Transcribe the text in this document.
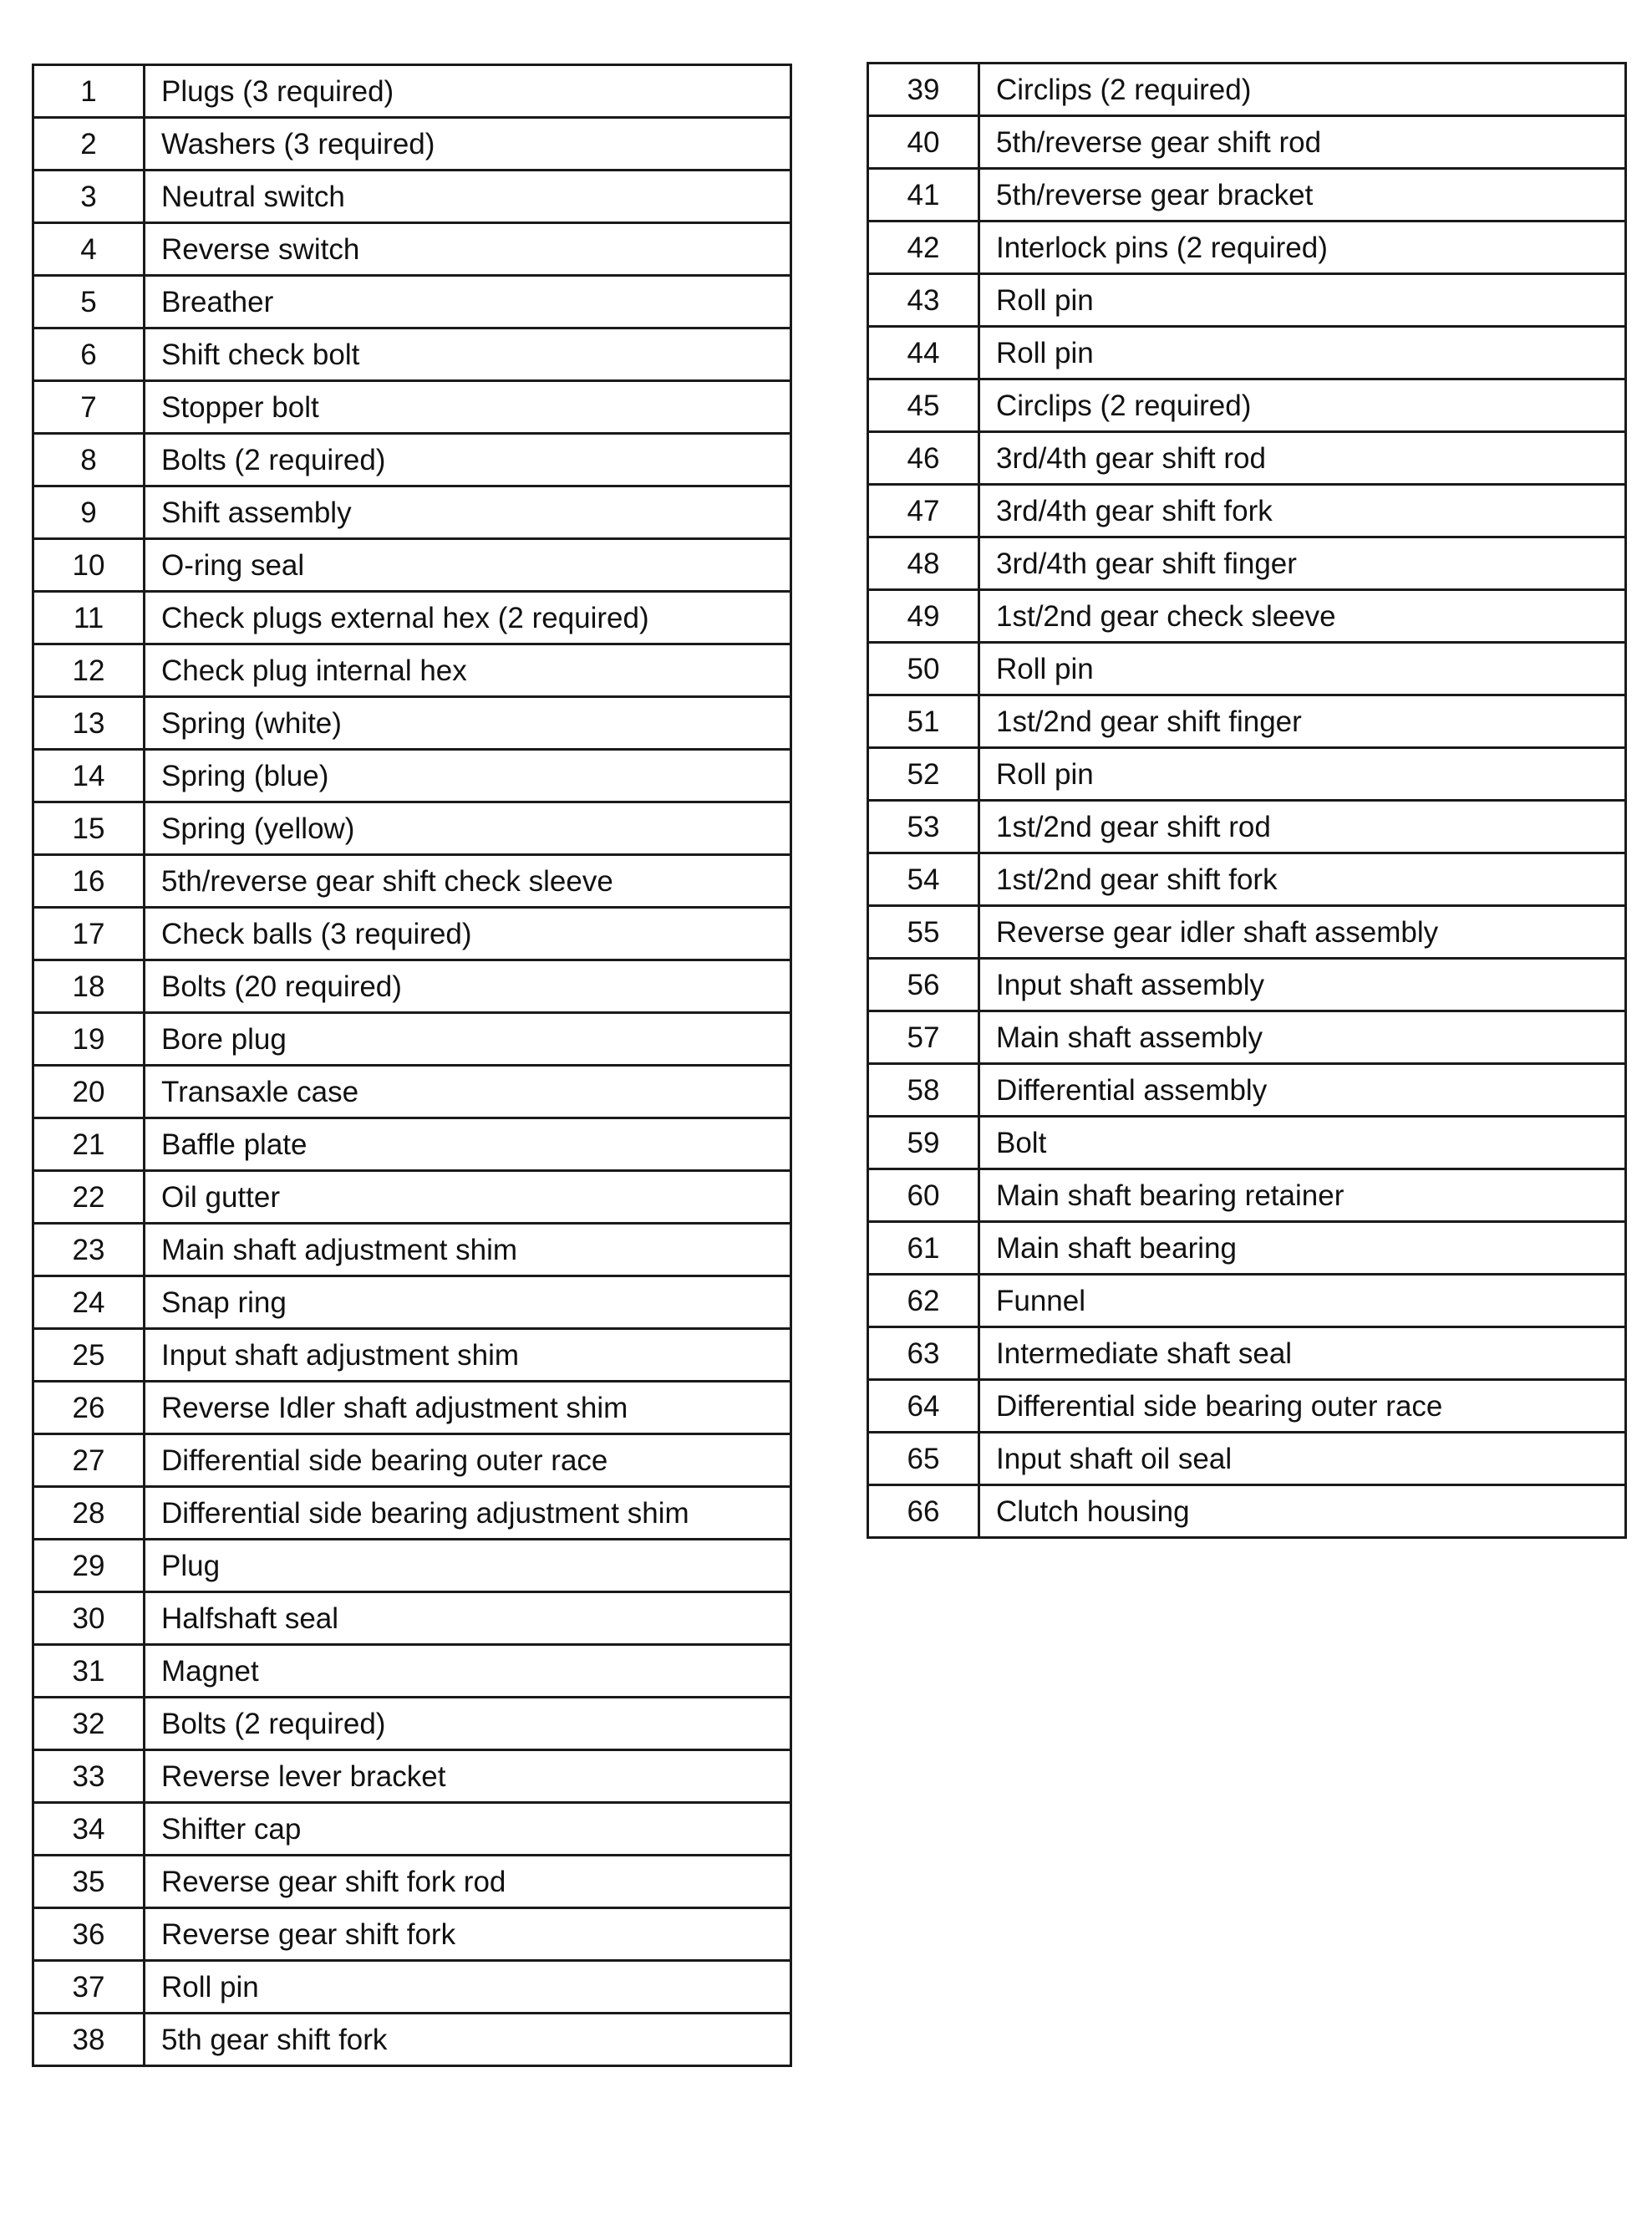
1	Plugs (3 required)
2	Washers (3 required)
3	Neutral switch
4	Reverse switch
5	Breather
6	Shift check bolt
7	Stopper bolt
8	Bolts (2 required)
9	Shift assembly
10	O-ring seal
11	Check plugs external hex (2 required)
12	Check plug internal hex
13	Spring (white)
14	Spring (blue)
15	Spring (yellow)
16	5th/reverse gear shift check sleeve
17	Check balls (3 required)
18	Bolts (20 required)
19	Bore plug
20	Transaxle case
21	Baffle plate
22	Oil gutter
23	Main shaft adjustment shim
24	Snap ring
25	Input shaft adjustment shim
26	Reverse Idler shaft adjustment shim
27	Differential side bearing outer race
28	Differential side bearing adjustment shim
29	Plug
30	Halfshaft seal
31	Magnet
32	Bolts (2 required)
33	Reverse lever bracket
34	Shifter cap
35	Reverse gear shift fork rod
36	Reverse gear shift fork
37	Roll pin
38	5th gear shift fork
39	Circlips (2 required)
40	5th/reverse gear shift rod
41	5th/reverse gear bracket
42	Interlock pins (2 required)
43	Roll pin
44	Roll pin
45	Circlips (2 required)
46	3rd/4th gear shift rod
47	3rd/4th gear shift fork
48	3rd/4th gear shift finger
49	1st/2nd gear check sleeve
50	Roll pin
51	1st/2nd gear shift finger
52	Roll pin
53	1st/2nd gear shift rod
54	1st/2nd gear shift fork
55	Reverse gear idler shaft assembly
56	Input shaft assembly
57	Main shaft assembly
58	Differential assembly
59	Bolt
60	Main shaft bearing retainer
61	Main shaft bearing
62	Funnel
63	Intermediate shaft seal
64	Differential side bearing outer race
65	Input shaft oil seal
66	Clutch housing
